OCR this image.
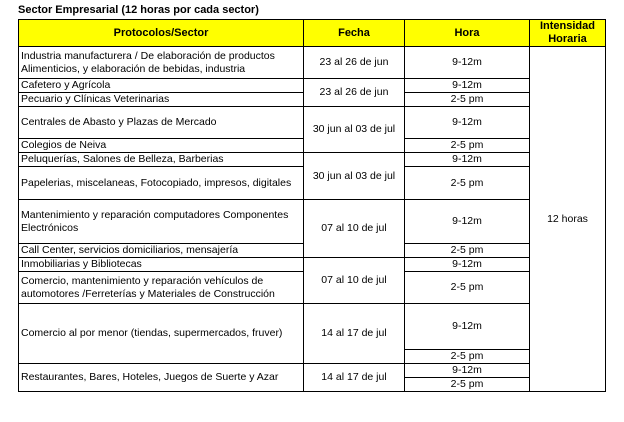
Sector Empresarial (12 horas por cada sector)
Protocolos/Sector	Fecha	Hora	Intensidad Horaria
Industria manufacturera / De elaboración de productos Alimenticios, y elaboración de bebidas, industria	23 al 26 de jun	9-12m	12 horas
Cafetero y Agrícola	23 al 26 de jun	9-12m	
Pecuario y Clínicas Veterinarias		2-5 pm	
Centrales de Abasto y Plazas de Mercado	30 jun al 03 de jul	9-12m	
Colegios de Neiva		2-5 pm	
Peluquerías, Salones de Belleza, Barberias	30 jun al 03 de jul	9-12m	
Papelerias, miscelaneas, Fotocopiado, impresos, digitales		2-5 pm	
Mantenimiento y reparación computadores Componentes Electrónicos	07 al 10 de jul	9-12m	
Call Center, servicios domiciliarios, mensajería		2-5 pm	
Inmobiliarias y Bibliotecas	07 al 10 de jul	9-12m	
Comercio, mantenimiento y reparación vehículos de automotores /Ferreterías y Materiales de Construcción		2-5 pm	
Comercio al por menor (tiendas, supermercados, fruver)	14 al 17 de jul	9-12m	
		2-5 pm	
Restaurantes, Bares, Hoteles, Juegos de Suerte y Azar	14 al 17 de jul	9-12m	
		2-5 pm	
